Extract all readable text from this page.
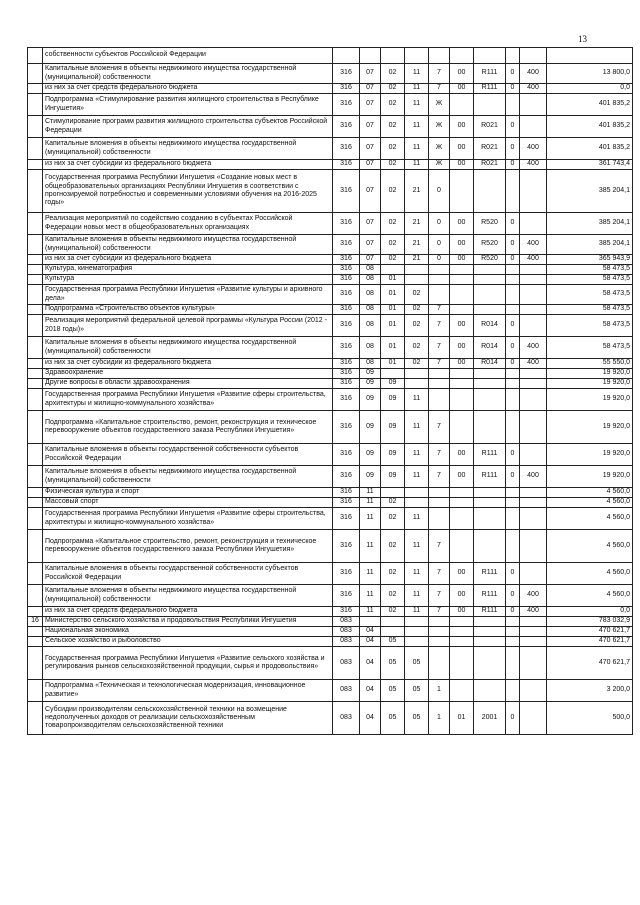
13
	собственности субъектов Российской Федерации										
	Капитальные вложения в объекты недвижимого имущества государственной (муниципальной) собственности	316	07	02	11	7	00	R111	0	400	13 800,0
	из них за счет средств федерального бюджета	316	07	02	11	7	00	R111	0	400	0,0
	Подпрограмма «Стимулирование развития жилищного строительства в Республике Ингушетия»	316	07	02	11	Ж					401 835,2
	Стимулирование программ развития жилищного строительства субъектов Российской Федерации	316	07	02	11	Ж	00	R021	0		401 835,2
	Капитальные вложения в объекты недвижимого имущества государственной (муниципальной) собственности	316	07	02	11	Ж	00	R021	0	400	401 835,2
	из них за счет субсидии из федерального бюджета	316	07	02	11	Ж	00	R021	0	400	361 743,4
	Государственная программа Республики Ингушетия «Создание новых мест в общеобразовательных организациях Республики Ингушетия в соответствии с прогнозируемой потребностью и современными условиями обучения на 2016-2025 годы»	316	07	02	21	0					385 204,1
	Реализация мероприятий по содействию созданию в субъектах Российской Федерации новых мест в общеобразовательных организациях	316	07	02	21	0	00	R520	0		385 204,1
	Капитальные вложения в объекты недвижимого имущества государственной (муниципальной) собственности	316	07	02	21	0	00	R520	0	400	385 204,1
	из них за счет субсидии из федерального бюджета	316	07	02	21	0	00	R520	0	400	365 943,9
	Культура, кинематография	316	08								58 473,5
	Культура	316	08	01							58 473,5
	Государственная программа Республики Ингушетия «Развитие культуры и архивного дела»	316	08	01	02						58 473,5
	Подпрограмма «Строительство объектов культуры»	316	08	01	02	7					58 473,5
	Реализация мероприятий федеральной целевой программы «Культура России (2012 - 2018 годы)»	316	08	01	02	7	00	R014	0		58 473,5
	Капитальные вложения в объекты недвижимого имущества государственной (муниципальной) собственности	316	08	01	02	7	00	R014	0	400	58 473,5
	из них за счет субсидии из федерального бюджета	316	08	01	02	7	00	R014	0	400	55 550,0
	Здравоохранение	316	09								19 920,0
	Другие вопросы в области здравоохранения	316	09	09							19 920,0
	Государственная программа Республики Ингушетия «Развитие сферы строительства, архитектуры и жилищно-коммунального хозяйства»	316	09	09	11						19 920,0
	Подпрограмма «Капитальное строительство, ремонт, реконструкция и техническое перевооружение объектов государственного заказа Республики Ингушетия»	316	09	09	11	7					19 920,0
	Капитальные вложения в объекты государственной собственности субъектов Российской Федерации	316	09	09	11	7	00	R111	0		19 920,0
	Капитальные вложения в объекты недвижимого имущества государственной (муниципальной) собственности	316	09	09	11	7	00	R111	0	400	19 920,0
	Физическая культура и спорт	316	11								4 560,0
	Массовый спорт	316	11	02							4 560,0
	Государственная программа Республики Ингушетия «Развитие сферы строительства, архитектуры и жилищно-коммунального хозяйства»	316	11	02	11						4 560,0
	Подпрограмма «Капитальное строительство, ремонт, реконструкция и техническое перевооружение объектов государственного заказа Республики Ингушетия»	316	11	02	11	7					4 560,0
	Капитальные вложения в объекты государственной собственности субъектов Российской Федерации	316	11	02	11	7	00	R111	0		4 560,0
	Капитальные вложения в объекты недвижимого имущества государственной (муниципальной) собственности	316	11	02	11	7	00	R111	0	400	4 560,0
	из них за счет средств федерального бюджета	316	11	02	11	7	00	R111	0	400	0,0
16	Министерство сельского хозяйства и продовольствия Республики Ингушетия	083									783 032,9
	Национальная экономика	083	04								470 621,7
	Сельское хозяйство и рыболовство	083	04	05							470 621,7
	Государственная программа Республики Ингушетия «Развитие сельского хозяйства и регулирования рынков сельскохозяйственной продукции, сырья и продовольствия»	083	04	05	05						470 621,7
	Подпрограмма «Техническая и технологическая модернизация, инновационное развитие»	083	04	05	05	1					3 200,0
	Субсидии производителям сельскохозяйственной техники на возмещение недополученных доходов от реализации сельскохозяйственным товаропроизводителям сельскохозяйственной техники	083	04	05	05	1	01	2001	0		500,0
